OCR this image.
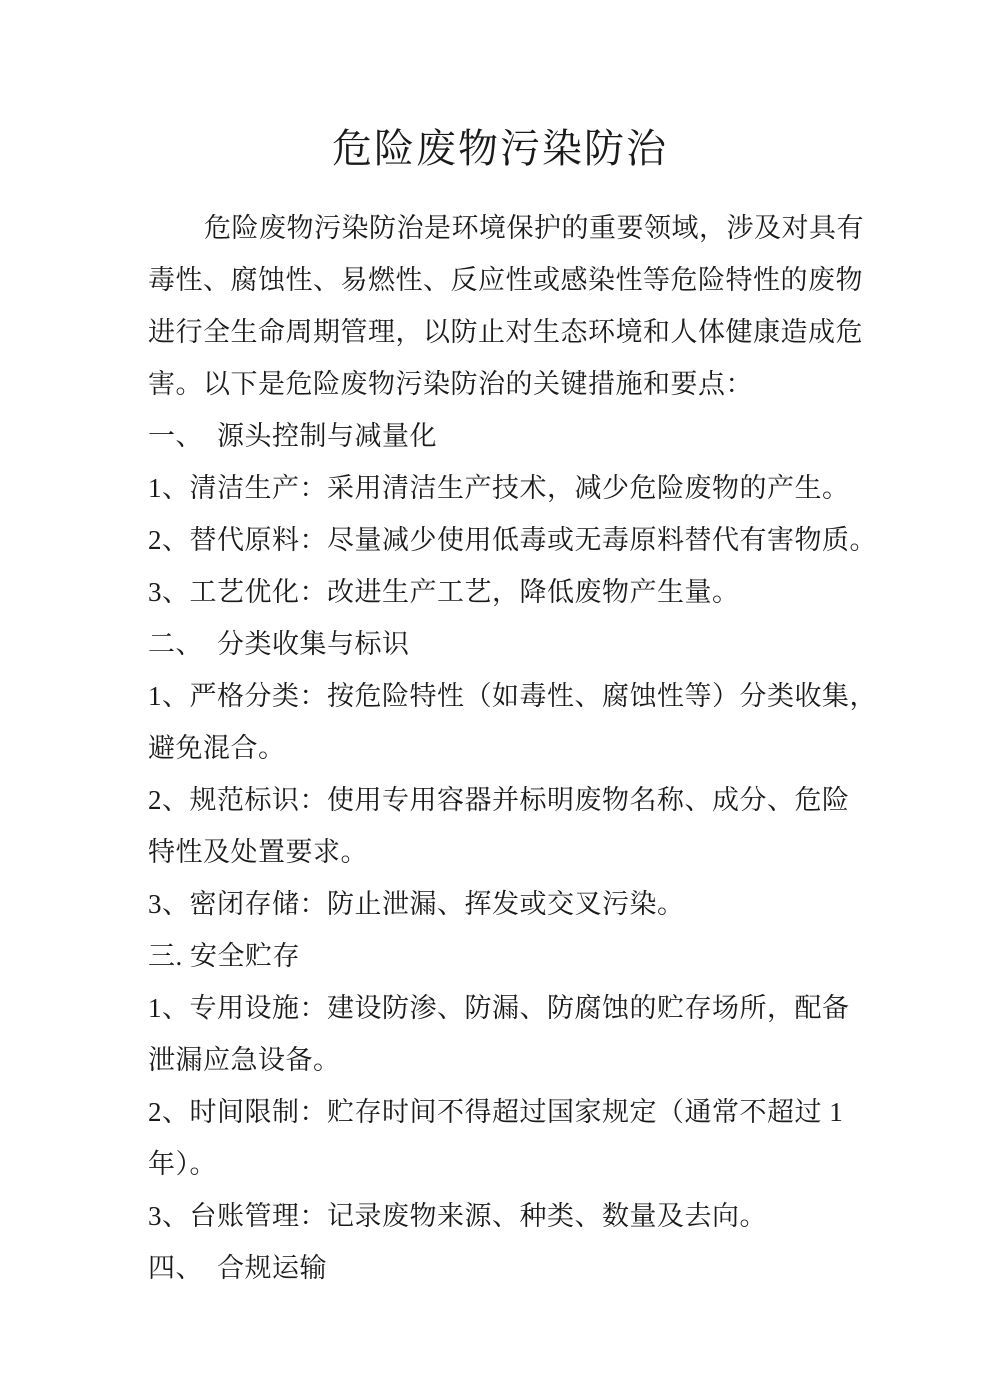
危险废物污染防治
危险废物污染防治是环境保护的重要领域，涉及对具有
毒性、腐蚀性、易燃性、反应性或感染性等危险特性的废物
进行全生命周期管理，以防止对生态环境和人体健康造成危
害。以下是危险废物污染防治的关键措施和要点：
一、　源头控制与减量化
1、清洁生产：采用清洁生产技术，减少危险废物的产生。
2、替代原料：尽量减少使用低毒或无毒原料替代有害物质。
3、工艺优化：改进生产工艺，降低废物产生量。
二、　分类收集与标识
1、严格分类：按危险特性（如毒性、腐蚀性等）分类收集，
避免混合。
2、规范标识：使用专用容器并标明废物名称、成分、危险
特性及处置要求。
3、密闭存储：防止泄漏、挥发或交叉污染。
三. 安全贮存
1、专用设施：建设防渗、防漏、防腐蚀的贮存场所，配备
泄漏应急设备。
2、时间限制：贮存时间不得超过国家规定（通常不超过 1
年）。
3、台账管理：记录废物来源、种类、数量及去向。
四、　合规运输
